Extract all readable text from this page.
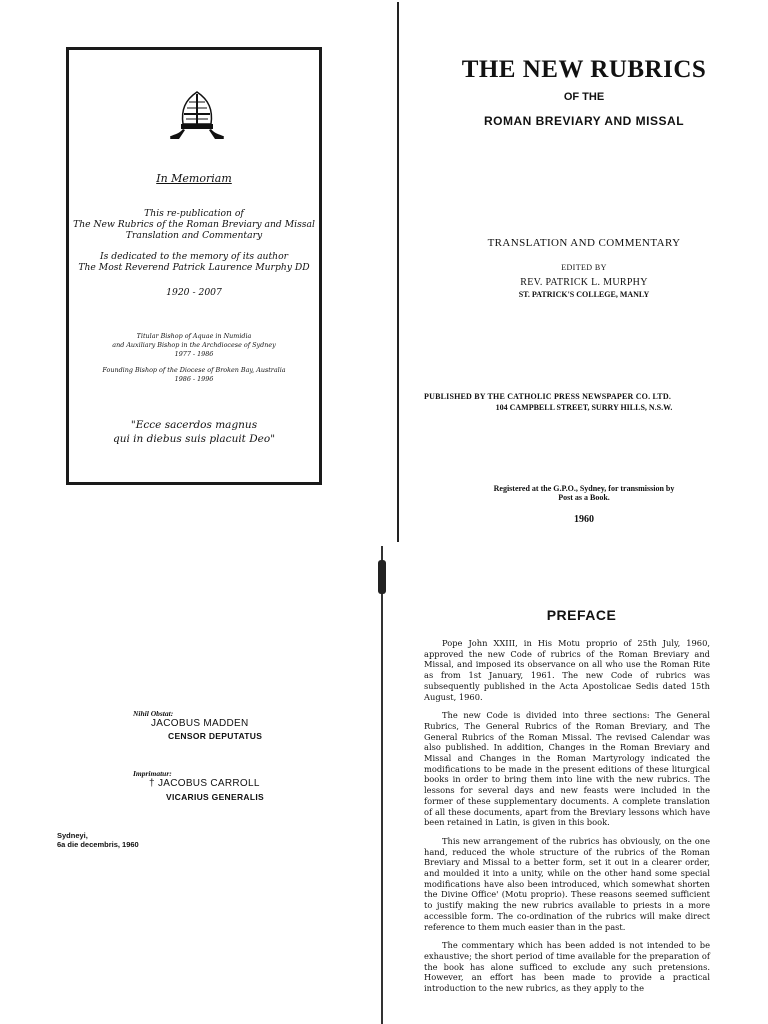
In Memoriam
This re-publication of
The New Rubrics of the Roman Breviary and Missal
Translation and Commentary
Is dedicated to the memory of its author
The Most Reverend Patrick Laurence Murphy DD
1920 - 2007
Titular Bishop of Aquae in Numidia
and Auxiliary Bishop in the Archdiocese of Sydney
1977 - 1986
Founding Bishop of the Diocese of Broken Bay, Australia
1986 - 1996
"Ecce sacerdos magnus
qui in diebus suis placuit Deo"
THE NEW RUBRICS
OF THE
ROMAN BREVIARY AND MISSAL
TRANSLATION AND COMMENTARY
EDITED BY
REV. PATRICK L. MURPHY
ST. PATRICK'S COLLEGE, MANLY
PUBLISHED BY THE CATHOLIC PRESS NEWSPAPER CO. LTD.
104 CAMPBELL STREET, SURRY HILLS, N.S.W.
Registered at the G.P.O., Sydney, for transmission by
Post as a Book.
1960
Nihil Obstat:
JACOBUS MADDEN
CENSOR DEPUTATUS
Imprimatur:
† JACOBUS CARROLL
VICARIUS GENERALIS
Sydneyi,
6a die decembris, 1960
PREFACE

Pope John XXIII, in His Motu proprio of 25th July, 1960, approved the new Code of rubrics of the Roman Breviary and Missal, and imposed its observance on all who use the Roman Rite as from 1st January, 1961. The new Code of rubrics was subsequently published in the Acta Apostolicae Sedis dated 15th August, 1960.

The new Code is divided into three sections: The General Rubrics, The General Rubrics of the Roman Breviary, and The General Rubrics of the Roman Missal. The revised Calendar was also published. In addition, Changes in the Roman Breviary and Missal and Changes in the Roman Martyrology indicated the modifications to be made in the present editions of these liturgical books in order to bring them into line with the new rubrics. The lessons for several days and new feasts were included in the former of these supplementary documents. A complete translation of all these documents, apart from the Breviary lessons which have been retained in Latin, is given in this book.

This new arrangement of the rubrics has obviously, on the one hand, reduced the whole structure of the rubrics of the Roman Breviary and Missal to a better form, set it out in a clearer order, and moulded it into a unity, while on the other hand some special modifications have also been introduced, which somewhat shorten the Divine Office' (Motu proprio). These reasons seemed sufficient to justify making the new rubrics available to priests in a more accessible form. The co-ordination of the rubrics will make direct reference to them much easier than in the past.

The commentary which has been added is not intended to be exhaustive; the short period of time available for the preparation of the book has alone sufficed to exclude any such pretensions. However, an effort has been made to provide a practical introduction to the new rubrics, as they apply to the
